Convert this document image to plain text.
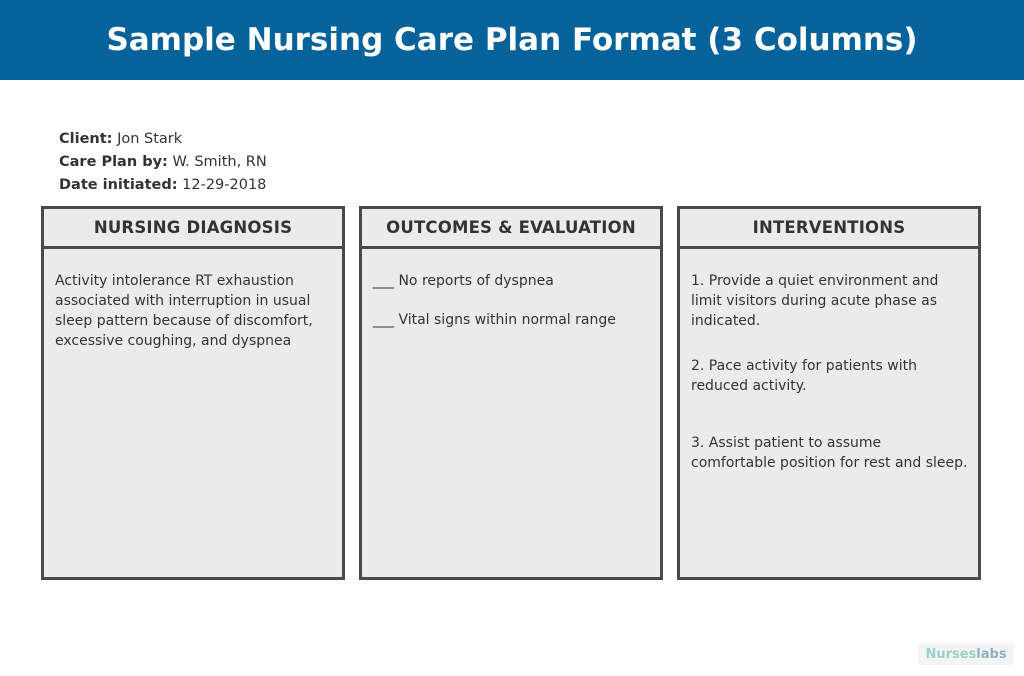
Sample Nursing Care Plan Format (3 Columns)
Client: Jon Stark
Care Plan by: W. Smith, RN
Date initiated: 12-29-2018
NURSING DIAGNOSIS
Activity intolerance RT exhaustion associated with interruption in usual sleep pattern because of discomfort, excessive coughing, and dyspnea
OUTCOMES & EVALUATION
___ No reports of dyspnea
___ Vital signs within normal range
INTERVENTIONS
1. Provide a quiet environment and limit visitors during acute phase as indicated.
2. Pace activity for patients with reduced activity.
3. Assist patient to assume comfortable position for rest and sleep.
Nurseslabs
